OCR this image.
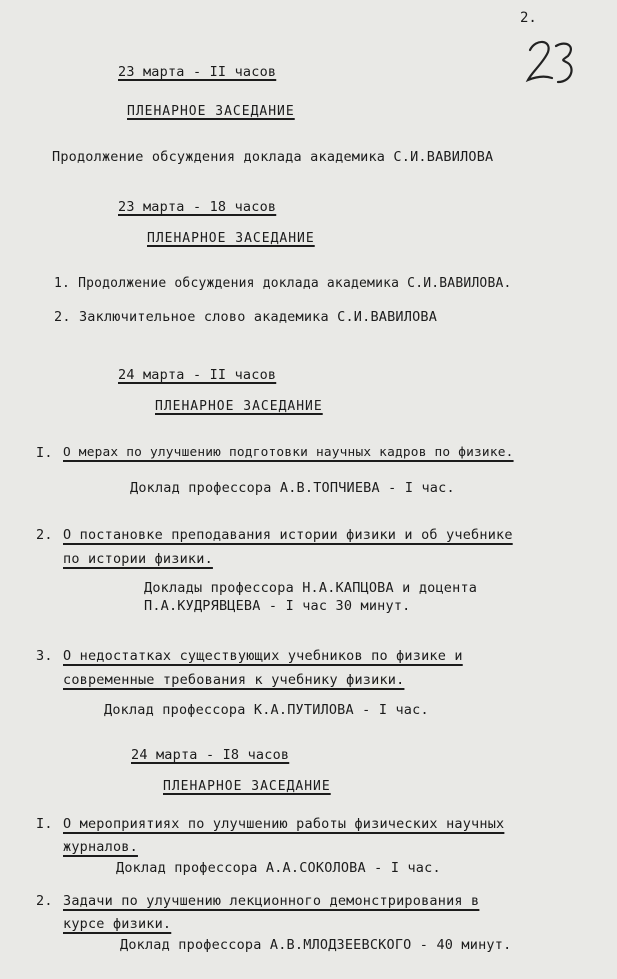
2.
23 марта - II часов
ПЛЕНАРНОЕ ЗАСЕДАНИЕ
Продолжение обсуждения доклада академика С.И.ВАВИЛОВА
23 марта - 18 часов
ПЛЕНАРНОЕ ЗАСЕДАНИЕ
1. Продолжение обсуждения доклада академика С.И.ВАВИЛОВА.
2. Заключительное слово академика С.И.ВАВИЛОВА
24 марта - II часов
ПЛЕНАРНОЕ ЗАСЕДАНИЕ
I. О мерах по улучшению подготовки научных кадров по физике.
Доклад профессора А.В.ТОПЧИЕВА - I час.
2. О постановке преподавания истории физики и об учебнике
по истории физики.
Доклады профессора Н.А.КАПЦОВА и доцента
П.А.КУДРЯВЦЕВА - I час 30 минут.
3. О недостатках существующих учебников по физике и
современные требования к учебнику физики.
Доклад профессора К.А.ПУТИЛОВА - I час.
24 марта - I8 часов
ПЛЕНАРНОЕ ЗАСЕДАНИЕ
I. О мероприятиях по улучшению работы физических научных
журналов.
Доклад профессора А.А.СОКОЛОВА - I час.
2. Задачи по улучшению лекционного демонстрирования в
курсе физики.
Доклад профессора А.В.МЛОДЗЕЕВСКОГО - 40 минут.
